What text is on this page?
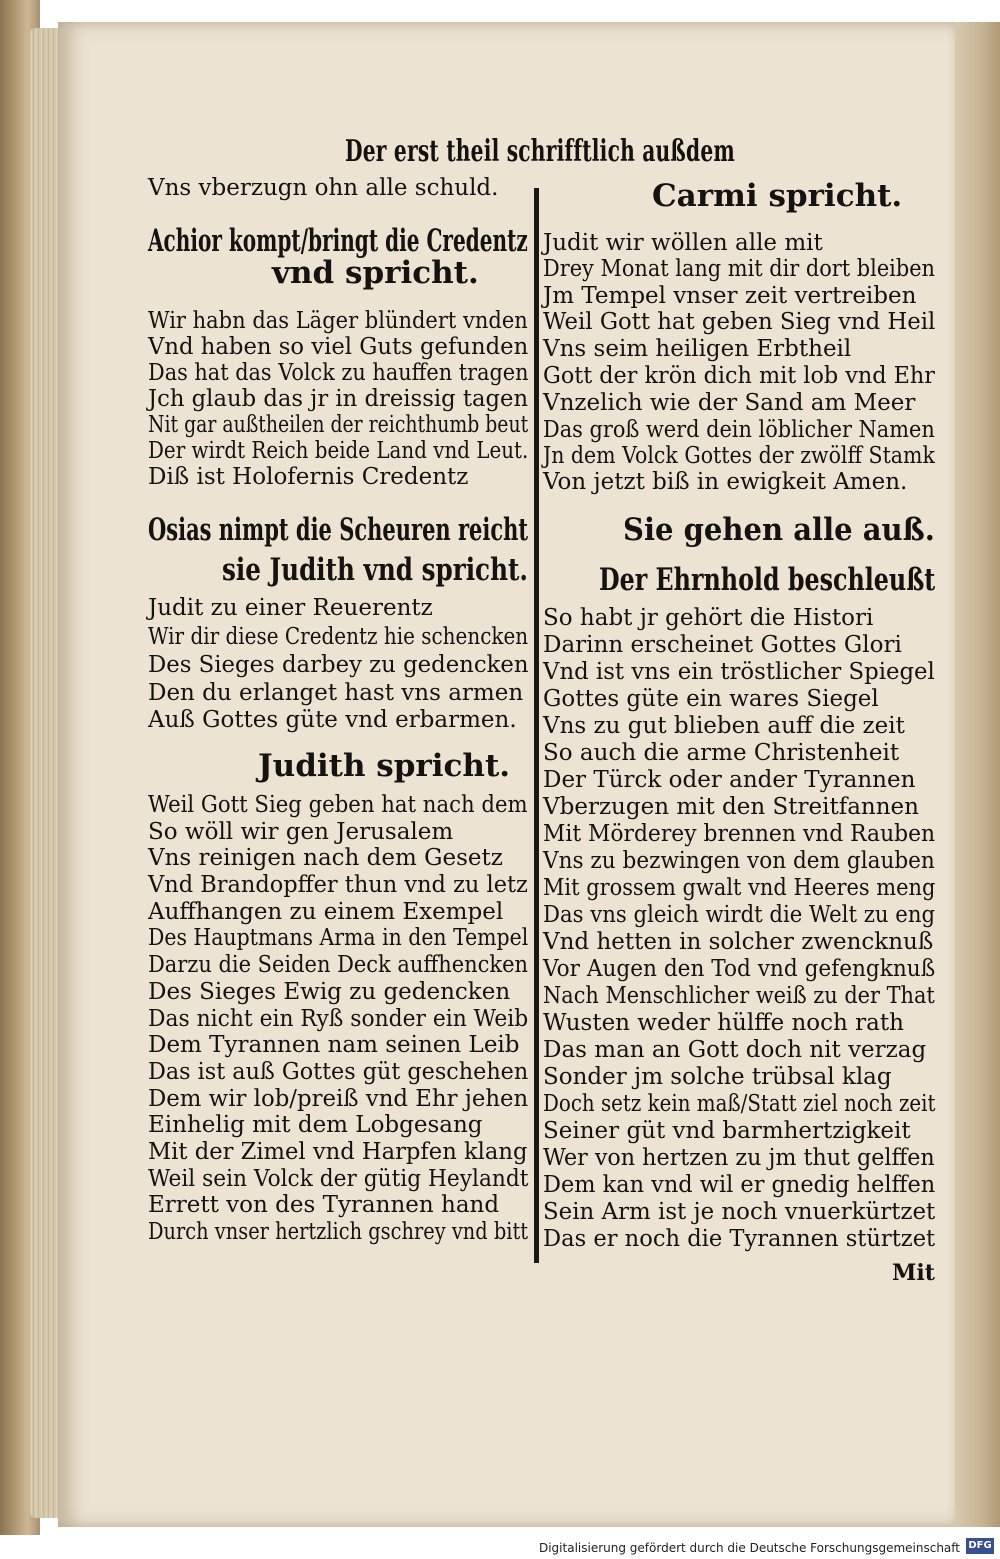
Der erst theil schrifftlich außdem
Vns vberzugn ohn alle schuld.
Achior kompt/bringt die Credentz
vnd spricht.
Wir habn das Läger blündert vnden
Vnd haben so viel Guts gefunden
Das hat das Volck zu hauffen tragen
Jch glaub das jr in dreissig tagen
Nit gar außtheilen der reichthumb beut
Der wirdt Reich beide Land vnd Leut.
Diß ist Holofernis Credentz
Osias nimpt die Scheuren reicht
sie Judith vnd spricht.
Judit zu einer Reuerentz
Wir dir diese Credentz hie schencken
Des Sieges darbey zu gedencken
Den du erlanget hast vns armen
Auß Gottes güte vnd erbarmen.
Judith spricht.
Weil Gott Sieg geben hat nach dem
So wöll wir gen Jerusalem
Vns reinigen nach dem Gesetz
Vnd Brandopffer thun vnd zu letz
Auffhangen zu einem Exempel
Des Hauptmans Arma in den Tempel
Darzu die Seiden Deck auffhencken
Des Sieges Ewig zu gedencken
Das nicht ein Ryß sonder ein Weib
Dem Tyrannen nam seinen Leib
Das ist auß Gottes güt geschehen
Dem wir lob/preiß vnd Ehr jehen
Einhelig mit dem Lobgesang
Mit der Zimel vnd Harpfen klang
Weil sein Volck der gütig Heylandt
Errett von des Tyrannen hand
Durch vnser hertzlich gschrey vnd bitt
Carmi spricht.
Judit wir wöllen alle mit
Drey Monat lang mit dir dort bleiben
Jm Tempel vnser zeit vertreiben
Weil Gott hat geben Sieg vnd Heil
Vns seim heiligen Erbtheil
Gott der krön dich mit lob vnd Ehr
Vnzelich wie der Sand am Meer
Das groß werd dein löblicher Namen
Jn dem Volck Gottes der zwölff Stamk
Von jetzt biß in ewigkeit Amen.
Sie gehen alle auß.
Der Ehrnhold beschleußt
So habt jr gehört die Histori
Darinn erscheinet Gottes Glori
Vnd ist vns ein tröstlicher Spiegel
Gottes güte ein wares Siegel
Vns zu gut blieben auff die zeit
So auch die arme Christenheit
Der Türck oder ander Tyrannen
Vberzugen mit den Streitfannen
Mit Mörderey brennen vnd Rauben
Vns zu bezwingen von dem glauben
Mit grossem gwalt vnd Heeres meng
Das vns gleich wirdt die Welt zu eng
Vnd hetten in solcher zwencknuß
Vor Augen den Tod vnd gefengknuß
Nach Menschlicher weiß zu der That
Wusten weder hülffe noch rath
Das man an Gott doch nit verzag
Sonder jm solche trübsal klag
Doch setz kein maß/Statt ziel noch zeit
Seiner güt vnd barmhertzigkeit
Wer von hertzen zu jm thut gelffen
Dem kan vnd wil er gnedig helffen
Sein Arm ist je noch vnuerkürtzet
Das er noch die Tyrannen stürtzet
Mit
Digitalisierung gefördert durch die Deutsche Forschungsgemeinschaft DFG
